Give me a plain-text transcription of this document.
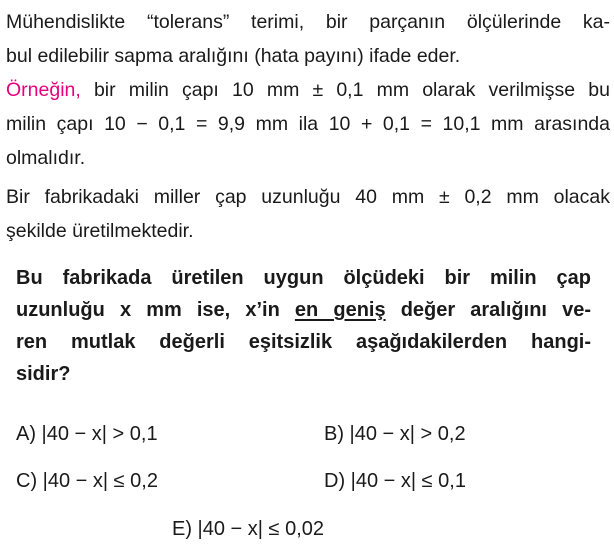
Mühendislikte “tolerans” terimi, bir parçanın ölçülerinde ka-
bul edilebilir sapma aralığını (hata payını) ifade eder.

Örneğin, bir milin çapı 10 mm ± 0,1 mm olarak verilmişse bu
milin çapı 10 − 0,1 = 9,9 mm ila 10 + 0,1 = 10,1 mm arasında
olmalıdır.

Bir fabrikadaki miller çap uzunluğu 40 mm ± 0,2 mm olacak
şekilde üretilmektedir.

Bu fabrikada üretilen uygun ölçüdeki bir milin çap
uzunluğu x mm ise, x’in en geniş değer aralığını ve-
ren mutlak değerli eşitsizlik aşağıdakilerden hangi-
sidir?

A) |40 − x| > 0,1	B) |40 − x| > 0,2
C) |40 − x| ≤ 0,2	D) |40 − x| ≤ 0,1
E) |40 − x| ≤ 0,02
